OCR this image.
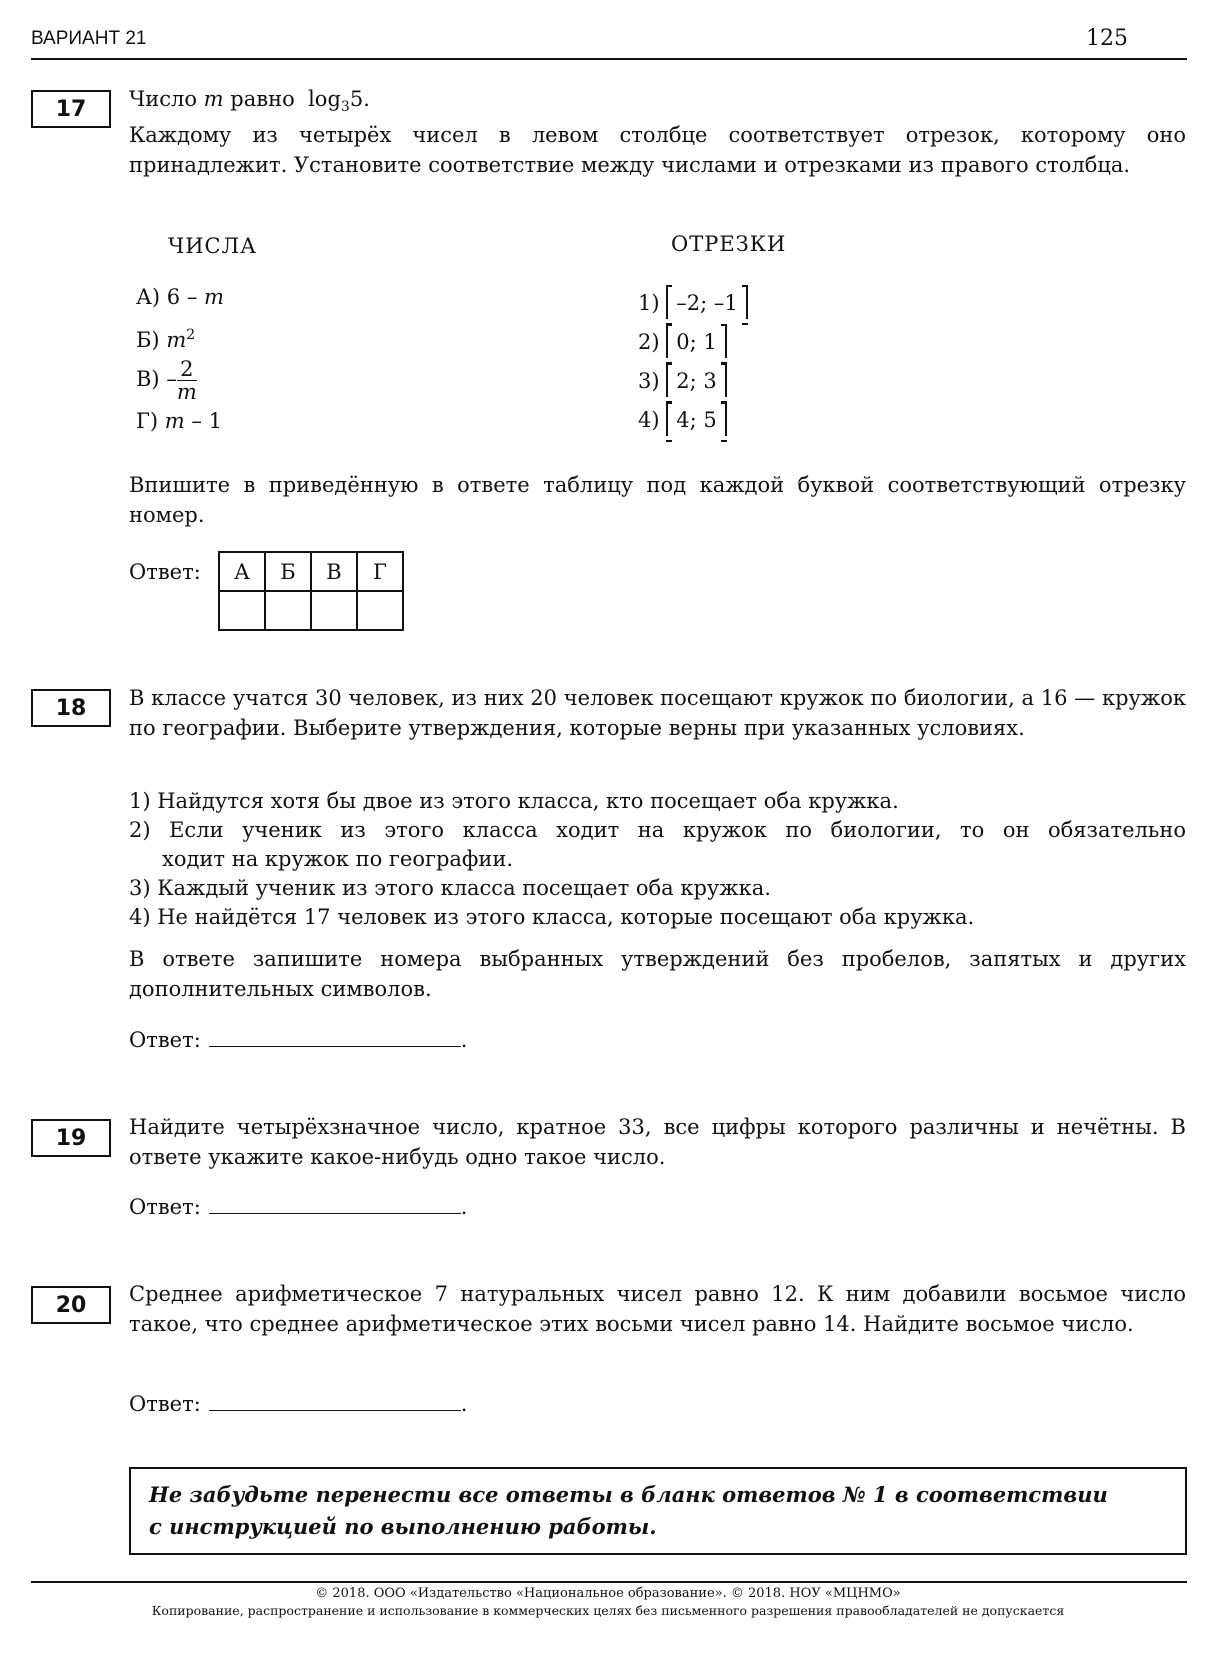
ВАРИАНТ 21	125
17	Число m равно $\log_35$.
Каждому из четырёх чисел в левом столбце соответствует отрезок, которому оно принадлежит. Установите соответствие между числами и отрезками из правого столбца.
ЧИСЛА	ОТРЕЗКИ
А) 6 – m
Б) $m^2$
$В) - \frac{2}{m}$
Г) m – 1
1) –2; –1
2) 0; 1
3) 2; 3
4) 4; 5
Впишите в приведённую в ответе таблицу под каждой буквой соответствующий отрезку номер.
Ответ: А	Б	В	Г

18	В классе учатся 30 человек, из них 20 человек посещают кружок по биологии, а 16 — кружок по географии. Выберите утверждения, которые верны при указанных условиях.
1) Найдутся хотя бы двое из этого класса, кто посещает оба кружка.
2) Если ученик из этого класса ходит на кружок по биологии, то он обязательно
ходит на кружок по географии.
3) Каждый ученик из этого класса посещает оба кружка.
4) Не найдётся 17 человек из этого класса, которые посещают оба кружка.
В ответе запишите номера выбранных утверждений без пробелов, запятых и других дополнительных символов.
Ответ:	.
19	Найдите четырёхзначное число, кратное 33, все цифры которого различны и нечётны. В ответе укажите какое-нибудь одно такое число.
Ответ:	.
20	Среднее арифметическое 7 натуральных чисел равно 12. К ним добавили восьмое число такое, что среднее арифметическое этих восьми чисел равно 14. Найдите восьмое число.
Ответ:	.
Не забудьте перенести все ответы в бланк ответов № 1 в соответствии
с инструкцией по выполнению работы.
© 2018. ООО «Издательство «Национальное образование». © 2018. НОУ «МЦНМО»
Копирование, распространение и использование в коммерческих целях без письменного разрешения правообладателей не допускается
